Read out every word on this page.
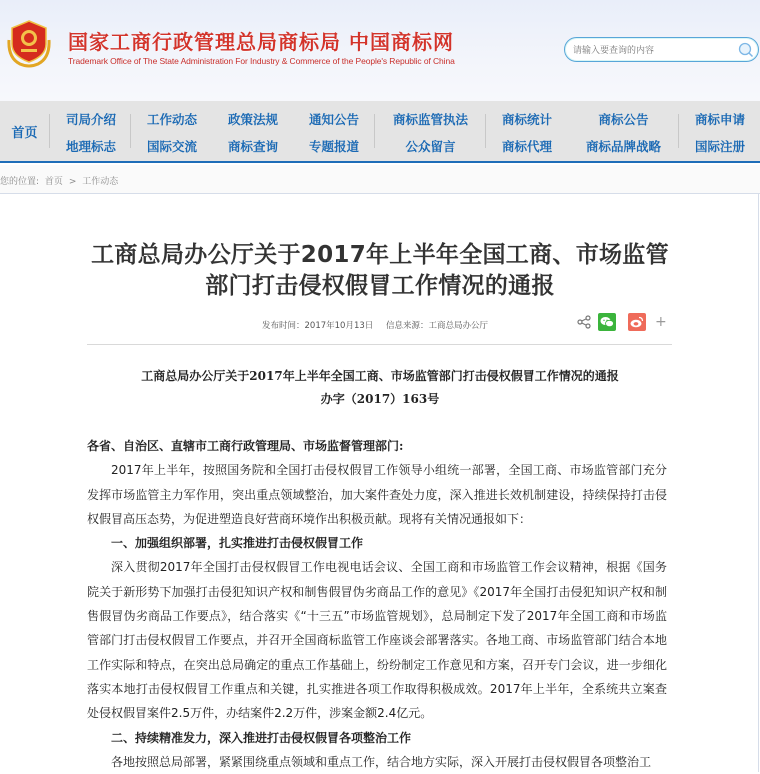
国家工商行政管理总局商标局 中国商标网
Trademark Office of The State Administration For Industry & Commerce of the People's Republic of China
请输入要查询的内容
首页
司局介绍
地理标志
工作动态
国际交流
政策法规
商标查询
通知公告
专题报道
商标监管执法
公众留言
商标统计
商标代理
商标公告
商标品牌战略
商标申请
国际注册
您的位置: 首页 > 工作动态
工商总局办公厅关于2017年上半年全国工商、市场监管部门打击侵权假冒工作情况的通报
发布时间：2017年10月13日 信息来源：工商总局办公厅	+
工商总局办公厅关于2017年上半年全国工商、市场监管部门打击侵权假冒工作情况的通报
办字（2017）163号

各省、自治区、直辖市工商行政管理局、市场监督管理部门:

2017年上半年，按照国务院和全国打击侵权假冒工作领导小组统一部署，全国工商、市场监管部门充分发挥市场监管主力军作用，突出重点领域整治，加大案件查处力度，深入推进长效机制建设，持续保持打击侵权假冒高压态势，为促进塑造良好营商环境作出积极贡献。现将有关情况通报如下：

一、加强组织部署，扎实推进打击侵权假冒工作

深入贯彻2017年全国打击侵权假冒工作电视电话会议、全国工商和市场监管工作会议精神，根据《国务院关于新形势下加强打击侵犯知识产权和制售假冒伪劣商品工作的意见》《2017年全国打击侵犯知识产权和制售假冒伪劣商品工作要点》，结合落实《“十三五”市场监管规划》，总局制定下发了2017年全国工商和市场监管部门打击侵权假冒工作要点，并召开全国商标监管工作座谈会部署落实。各地工商、市场监管部门结合本地工作实际和特点，在突出总局确定的重点工作基础上，纷纷制定工作意见和方案，召开专门会议，进一步细化落实本地打击侵权假冒工作重点和关键，扎实推进各项工作取得积极成效。2017年上半年，全系统共立案查处侵权假冒案件2.5万件，办结案件2.2万件，涉案金额2.4亿元。

二、持续精准发力，深入推进打击侵权假冒各项整治工作

各地按照总局部署，紧紧围绕重点领域和重点工作，结合地方实际，深入开展打击侵权假冒各项整治工
